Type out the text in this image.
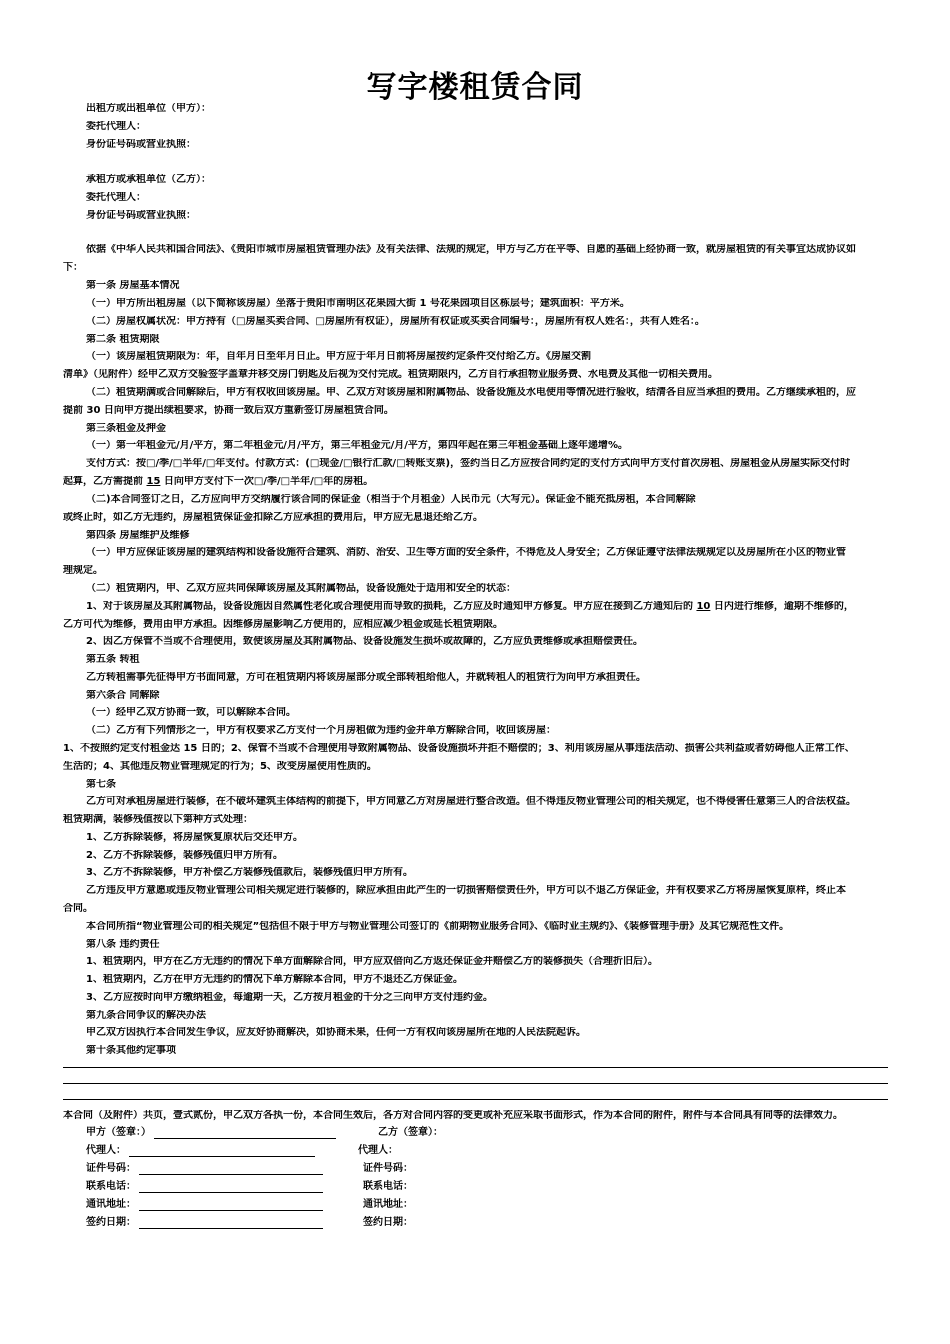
写字楼租赁合同
出租方或出租单位（甲方）：
委托代理人：
身份证号码或营业执照：
承租方或承租单位（乙方）：
委托代理人：
身份证号码或营业执照：
依据《中华人民共和国合同法》、《贵阳市城市房屋租赁管理办法》及有关法律、法规的规定，甲方与乙方在平等、自愿的基础上经协商一致，就房屋租赁的有关事宜达成协议如
下：
第一条 房屋基本情况
（一）甲方所出租房屋（以下简称该房屋）坐落于贵阳市南明区花果园大街 1 号花果园项目区栋层号；建筑面积：平方米。
（二）房屋权属状况：甲方持有（□房屋买卖合同、□房屋所有权证），房屋所有权证或买卖合同编号：，房屋所有权人姓名：，共有人姓名：。
第二条 租赁期限
（一）该房屋租赁期限为：年，自年月日至年月日止。甲方应于年月日前将房屋按约定条件交付给乙方。《房屋交割
清单》（见附件）经甲乙双方交验签字盖章并移交房门钥匙及后视为交付完成。租赁期限内，乙方自行承担物业服务费、水电费及其他一切相关费用。
（二）租赁期满或合同解除后，甲方有权收回该房屋。甲、乙双方对该房屋和附属物品、设备设施及水电使用等情况进行验收，结清各自应当承担的费用。乙方继续承租的，应
提前 30 日向甲方提出续租要求，协商一致后双方重新签订房屋租赁合同。
第三条租金及押金
（一）第一年租金元/月/平方，第二年租金元/月/平方，第三年租金元/月/平方，第四年起在第三年租金基础上逐年递增%。
支付方式：按□/季/□半年/□年支付。付款方式：(□现金/□银行汇款/□转账支票)，签约当日乙方应按合同约定的支付方式向甲方支付首次房租、房屋租金从房屋实际交付时
起算，乙方需提前 15 日向甲方支付下一次□/季/□半年/□年的房租。
（二)本合同签订之日，乙方应向甲方交纳履行该合同的保证金（相当于个月租金）人民币元（大写元）。保证金不能充抵房租，本合同解除
或终止时，如乙方无违约，房屋租赁保证金扣除乙方应承担的费用后，甲方应无息退还给乙方。
第四条 房屋维护及维修
（一）甲方应保证该房屋的建筑结构和设备设施符合建筑、消防、治安、卫生等方面的安全条件，不得危及人身安全；乙方保证遵守法律法规规定以及房屋所在小区的物业管
理规定。
（二）租赁期内，甲、乙双方应共同保障该房屋及其附属物品，设备设施处于适用和安全的状态：
1、对于该房屋及其附属物品，设备设施因自然属性老化或合理使用而导致的损耗，乙方应及时通知甲方修复。甲方应在接到乙方通知后的 10 日内进行维修，逾期不维修的，
乙方可代为维修，费用由甲方承担。因维修房屋影响乙方使用的，应相应减少租金或延长租赁期限。
2、因乙方保管不当或不合理使用，致使该房屋及其附属物品、设备设施发生损坏或故障的，乙方应负责维修或承担赔偿责任。
第五条 转租
乙方转租需事先征得甲方书面同意，方可在租赁期内将该房屋部分或全部转租给他人，并就转租人的租赁行为向甲方承担责任。
第六条合 同解除
（一）经甲乙双方协商一致，可以解除本合同。
（二）乙方有下列情形之一，甲方有权要求乙方支付一个月房租做为违约金并单方解除合同，收回该房屋：
1、不按照约定支付租金达 15 日的；2、保管不当或不合理使用导致附属物品、设备设施损坏并拒不赔偿的；3、利用该房屋从事违法活动、损害公共利益或者妨碍他人正常工作、
生活的；4、其他违反物业管理规定的行为；5、改变房屋使用性质的。
第七条
乙方可对承租房屋进行装修，在不破坏建筑主体结构的前提下，甲方同意乙方对房屋进行整合改造。但不得违反物业管理公司的相关规定，也不得侵害任意第三人的合法权益。
租赁期满，装修残值按以下第种方式处理：
1、乙方拆除装修，将房屋恢复原状后交还甲方。
2、乙方不拆除装修，装修残值归甲方所有。
3、乙方不拆除装修，甲方补偿乙方装修残值款后，装修残值归甲方所有。
乙方违反甲方意愿或违反物业管理公司相关规定进行装修的，除应承担由此产生的一切损害赔偿责任外，甲方可以不退乙方保证金，并有权要求乙方将房屋恢复原样，终止本
合同。
本合同所指“物业管理公司的相关规定”包括但不限于甲方与物业管理公司签订的《前期物业服务合同》、《临时业主规约》、《装修管理手册》及其它规范性文件。
第八条 违约责任
1、租赁期内，甲方在乙方无违约的情况下单方面解除合同，甲方应双倍向乙方返还保证金并赔偿乙方的装修损失（合理折旧后）。
1、租赁期内，乙方在甲方无违约的情况下单方解除本合同，甲方不退还乙方保证金。
3、乙方应按时向甲方缴纳租金，每逾期一天，乙方按月租金的千分之三向甲方支付违约金。
第九条合同争议的解决办法
甲乙双方因执行本合同发生争议，应友好协商解决，如协商未果，任何一方有权向该房屋所在地的人民法院起诉。
第十条其他约定事项
本合同（及附件）共页，壹式贰份，甲乙双方各执一份，本合同生效后，各方对合同内容的变更或补充应采取书面形式，作为本合同的附件，附件与本合同具有同等的法律效力。
甲方（签章：）	乙方（签章）：
代理人：	代理人：
证件号码：	证件号码：
联系电话：	联系电话：
通讯地址：	通讯地址：
签约日期：	签约日期：
